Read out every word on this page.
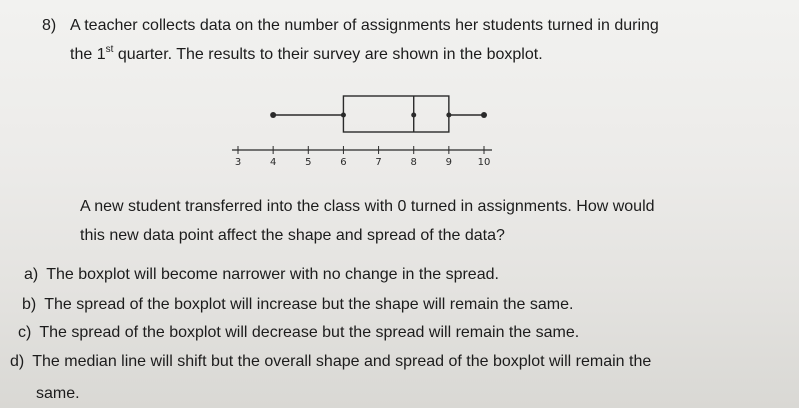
8) A teacher collects data on the number of assignments her students turned in during
the 1st quarter. The results to their survey are shown in the boxplot.
3	4	5	6	7	8	9	10
A new student transferred into the class with 0 turned in assignments. How would
this new data point affect the shape and spread of the data?
a) The boxplot will become narrower with no change in the spread.
b) The spread of the boxplot will increase but the shape will remain the same.
c) The spread of the boxplot will decrease but the spread will remain the same.
d) The median line will shift but the overall shape and spread of the boxplot will remain the
same.
